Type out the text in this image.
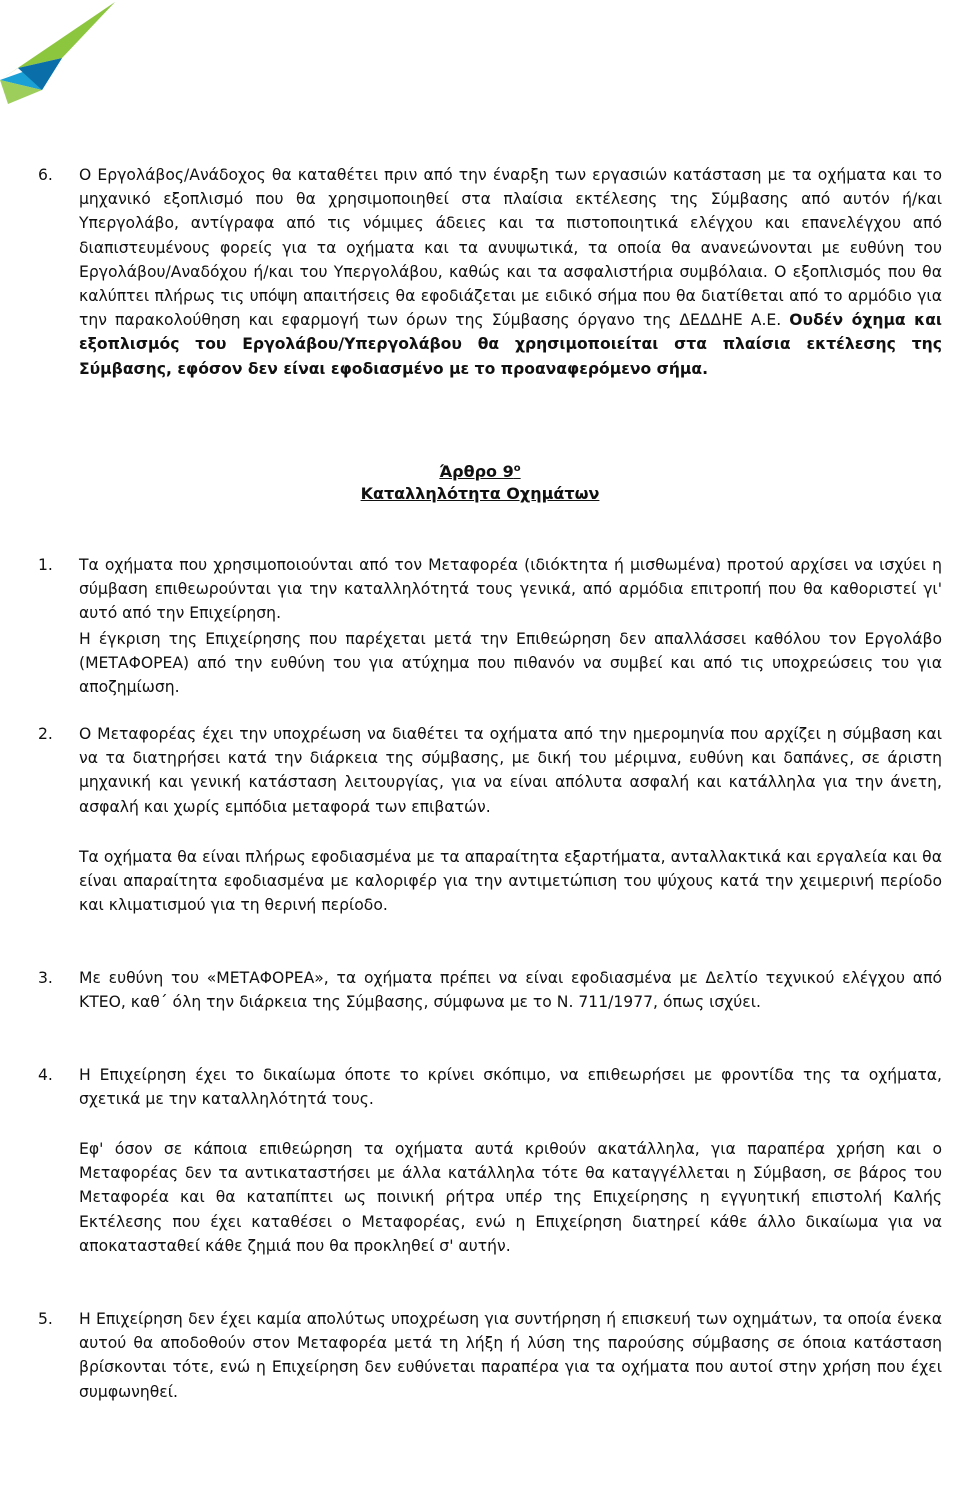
6. Ο Εργολάβος/Ανάδοχος θα καταθέτει πριν από την έναρξη των εργασιών κατάσταση με τα οχήματα και το μηχανικό εξοπλισμό που θα χρησιμοποιηθεί στα πλαίσια εκτέλεσης της Σύμβασης από αυτόν ή/και Υπεργολάβο, αντίγραφα από τις νόμιμες άδειες και τα πιστοποιητικά ελέγχου και επανελέγχου από διαπιστευμένους φορείς για τα οχήματα και τα ανυψωτικά, τα οποία θα ανανεώνονται με ευθύνη του Εργολάβου/Αναδόχου ή/και του Υπεργολάβου, καθώς και τα ασφαλιστήρια συμβόλαια. Ο εξοπλισμός που θα καλύπτει πλήρως τις υπόψη απαιτήσεις θα εφοδιάζεται με ειδικό σήμα που θα διατίθεται από το αρμόδιο για την παρακολούθηση και εφαρμογή των όρων της Σύμβασης όργανο της ΔΕΔΔΗΕ Α.Ε. Ουδέν όχημα και εξοπλισμός του Εργολάβου/Υπεργολάβου θα χρησιμοποιείται στα πλαίσια εκτέλεσης της Σύμβασης, εφόσον δεν είναι εφοδιασμένο με το προαναφερόμενο σήμα.
Άρθρο $9^o$
Καταλληλότητα Οχημάτων
1. Τα οχήματα που χρησιμοποιούνται από τον Μεταφορέα (ιδιόκτητα ή μισθωμένα) προτού αρχίσει να ισχύει η σύμβαση επιθεωρούνται για την καταλληλότητά τους γενικά, από αρμόδια επιτροπή που θα καθοριστεί γι' αυτό από την Επιχείρηση.

Η έγκριση της Επιχείρησης που παρέχεται μετά την Επιθεώρηση δεν απαλλάσσει καθόλου τον Εργολάβο (ΜΕΤΑΦΟΡΕΑ) από την ευθύνη του για ατύχημα που πιθανόν να συμβεί και από τις υποχρεώσεις του για αποζημίωση.

2. Ο Μεταφορέας έχει την υποχρέωση να διαθέτει τα οχήματα από την ημερομηνία που αρχίζει η σύμβαση και να τα διατηρήσει κατά την διάρκεια της σύμβασης, με δική του μέριμνα, ευθύνη και δαπάνες, σε άριστη μηχανική και γενική κατάσταση λειτουργίας, για να είναι απόλυτα ασφαλή και κατάλληλα για την άνετη, ασφαλή και χωρίς εμπόδια μεταφορά των επιβατών.

Τα οχήματα θα είναι πλήρως εφοδιασμένα με τα απαραίτητα εξαρτήματα, ανταλλακτικά και εργαλεία και θα είναι απαραίτητα εφοδιασμένα με καλοριφέρ για την αντιμετώπιση του ψύχους κατά την χειμερινή περίοδο και κλιματισμού για τη θερινή περίοδο.

3. Με ευθύνη του «ΜΕΤΑΦΟΡΕΑ», τα οχήματα πρέπει να είναι εφοδιασμένα με Δελτίο τεχνικού ελέγχου από ΚΤΕΟ, καθ΄ όλη την διάρκεια της Σύμβασης, σύμφωνα με το Ν. 711/1977, όπως ισχύει.

4. Η Επιχείρηση έχει το δικαίωμα όποτε το κρίνει σκόπιμο, να επιθεωρήσει με φροντίδα της τα οχήματα, σχετικά με την καταλληλότητά τους.

Εφ' όσον σε κάποια επιθεώρηση τα οχήματα αυτά κριθούν ακατάλληλα, για παραπέρα χρήση και ο Μεταφορέας δεν τα αντικαταστήσει με άλλα κατάλληλα τότε θα καταγγέλλεται η Σύμβαση, σε βάρος του Μεταφορέα και θα καταπίπτει ως ποινική ρήτρα υπέρ της Επιχείρησης η εγγυητική επιστολή Καλής Εκτέλεσης που έχει καταθέσει ο Μεταφορέας, ενώ η Επιχείρηση διατηρεί κάθε άλλο δικαίωμα για να αποκατασταθεί κάθε ζημιά που θα προκληθεί σ' αυτήν.

5. Η Επιχείρηση δεν έχει καμία απολύτως υποχρέωση για συντήρηση ή επισκευή των οχημάτων, τα οποία ένεκα αυτού θα αποδοθούν στον Μεταφορέα μετά τη λήξη ή λύση της παρούσης σύμβασης σε όποια κατάσταση βρίσκονται τότε, ενώ η Επιχείρηση δεν ευθύνεται παραπέρα για τα οχήματα που αυτοί στην χρήση που έχει συμφωνηθεί.
